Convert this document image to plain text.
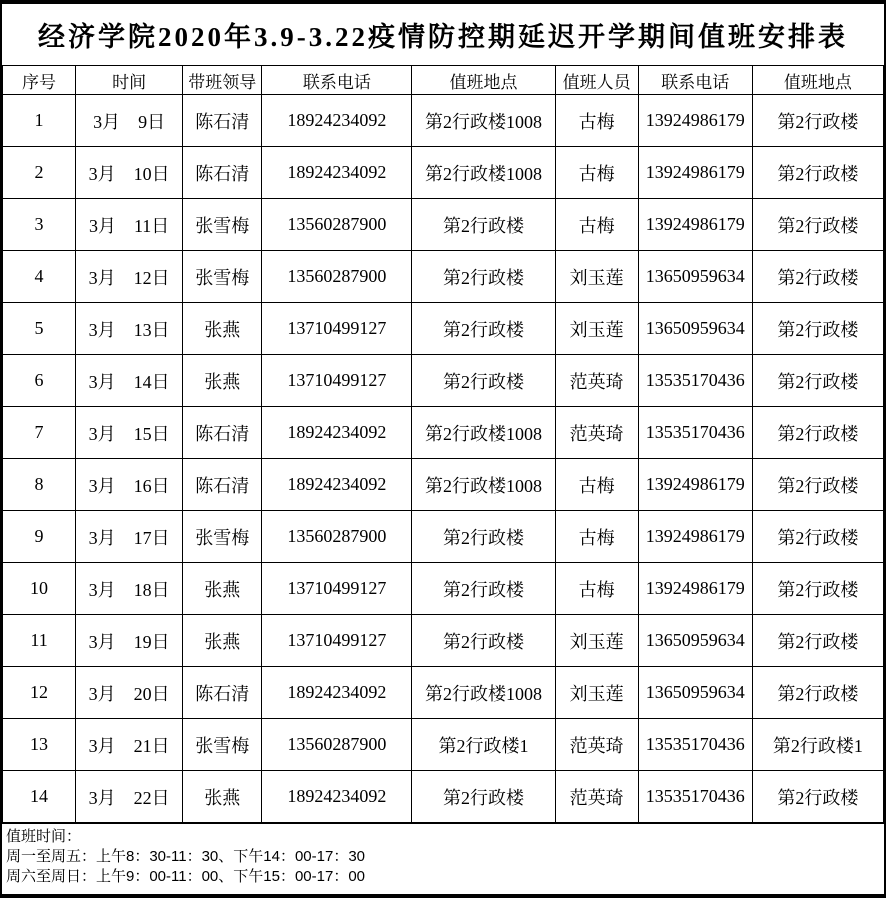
经济学院2020年3.9-3.22疫情防控期延迟开学期间值班安排表
序号	时间	带班领导	联系电话	值班地点	值班人员	联系电话	值班地点
1	3月　9日	陈石清	18924234092	第2行政楼1008	古梅	13924986179	第2行政楼
2	3月　10日	陈石清	18924234092	第2行政楼1008	古梅	13924986179	第2行政楼
3	3月　11日	张雪梅	13560287900	第2行政楼	古梅	13924986179	第2行政楼
4	3月　12日	张雪梅	13560287900	第2行政楼	刘玉莲	13650959634	第2行政楼
5	3月　13日	张燕	13710499127	第2行政楼	刘玉莲	13650959634	第2行政楼
6	3月　14日	张燕	13710499127	第2行政楼	范英琦	13535170436	第2行政楼
7	3月　15日	陈石清	18924234092	第2行政楼1008	范英琦	13535170436	第2行政楼
8	3月　16日	陈石清	18924234092	第2行政楼1008	古梅	13924986179	第2行政楼
9	3月　17日	张雪梅	13560287900	第2行政楼	古梅	13924986179	第2行政楼
10	3月　18日	张燕	13710499127	第2行政楼	古梅	13924986179	第2行政楼
11	3月　19日	张燕	13710499127	第2行政楼	刘玉莲	13650959634	第2行政楼
12	3月　20日	陈石清	18924234092	第2行政楼1008	刘玉莲	13650959634	第2行政楼
13	3月　21日	张雪梅	13560287900	第2行政楼1	范英琦	13535170436	第2行政楼1
14	3月　22日	张燕	18924234092	第2行政楼	范英琦	13535170436	第2行政楼
值班时间：
周一至周五：上午8：30-11：30、下午14：00-17：30
周六至周日：上午9：00-11：00、下午15：00-17：00
